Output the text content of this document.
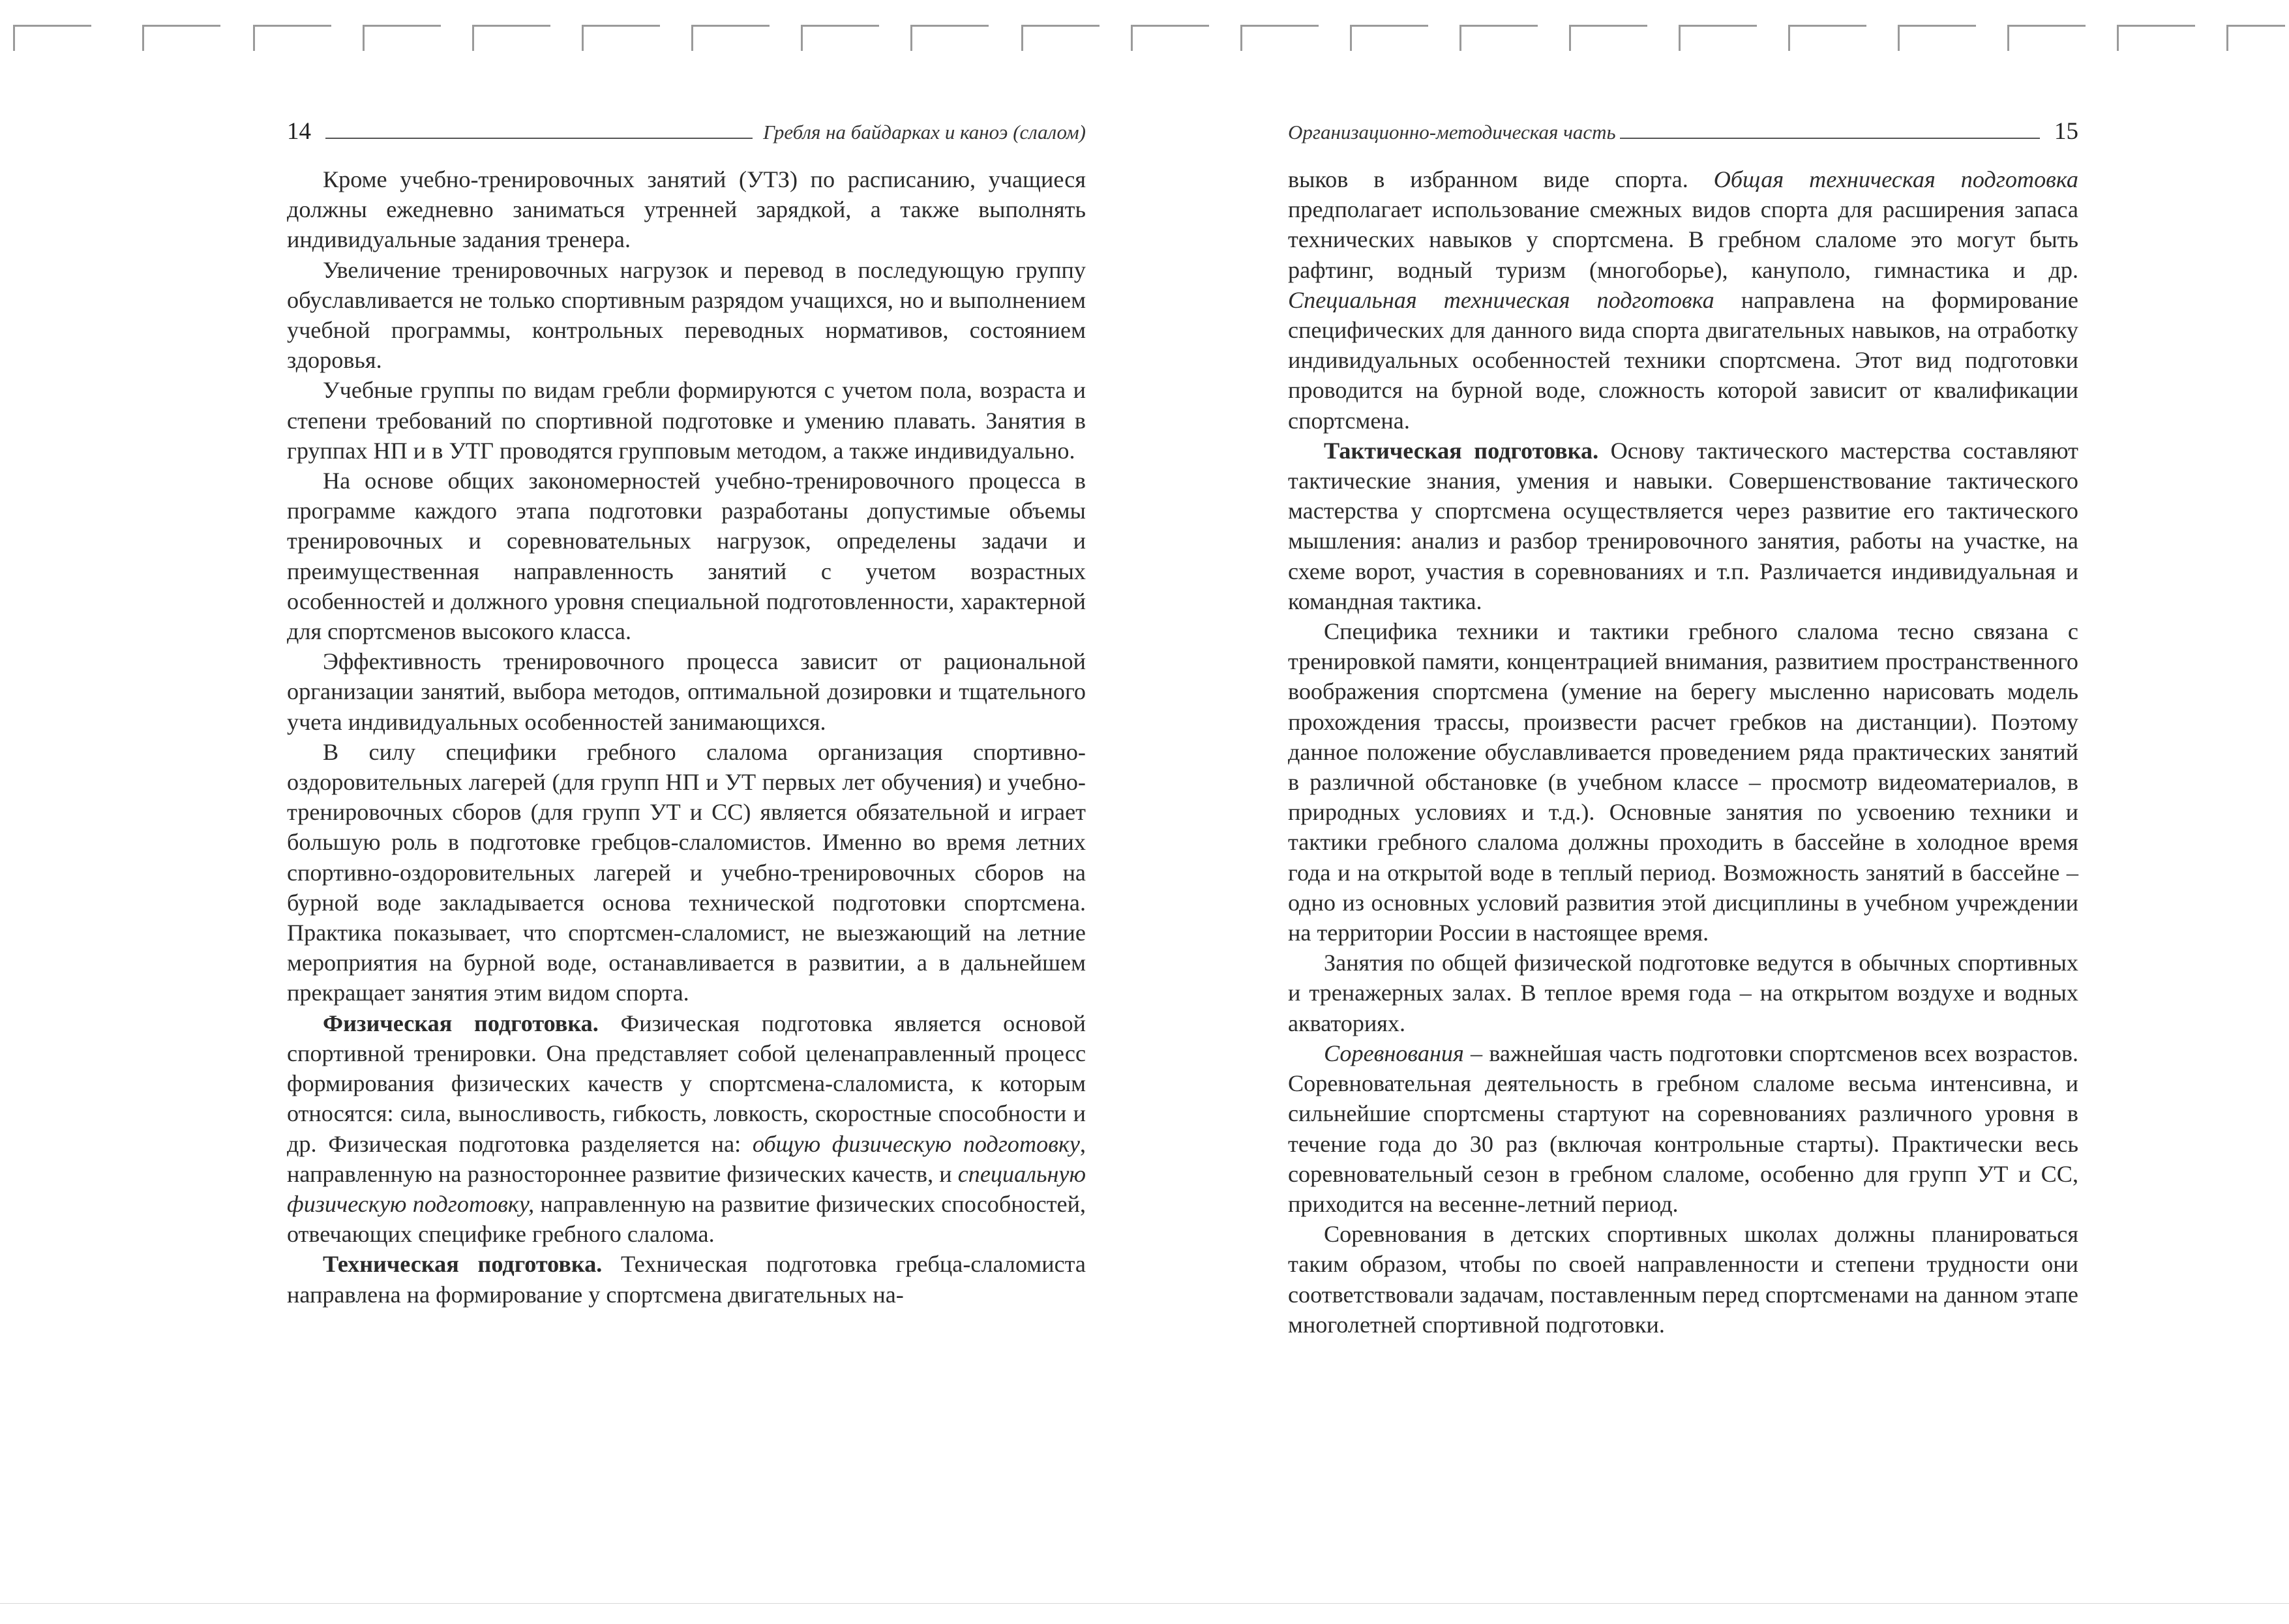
14	Гребля на байдарках и каноэ (слалом)

Кроме учебно-тренировочных занятий (УТЗ) по расписанию, учащиеся должны ежедневно заниматься утренней зарядкой, а также выполнять индивидуальные задания тренера.

Увеличение тренировочных нагрузок и перевод в последующую группу обуславливается не только спортивным разрядом учащихся, но и выполнением учебной программы, контрольных переводных нормативов, состоянием здоровья.

Учебные группы по видам гребли формируются с учетом пола, возраста и степени требований по спортивной подготовке и умению плавать. Занятия в группах НП и в УТГ проводятся групповым методом, а также индивидуально.

На основе общих закономерностей учебно-тренировочного процесса в программе каждого этапа подготовки разработаны допустимые объемы тренировочных и соревновательных нагрузок, определены задачи и преимущественная направленность занятий с учетом возрастных особенностей и должного уровня специальной подготовленности, характерной для спортсменов высокого класса.

Эффективность тренировочного процесса зависит от рациональной организации занятий, выбора методов, оптимальной дозировки и тщательного учета индивидуальных особенностей занимающихся.

В силу специфики гребного слалома организация спортивно-оздоровительных лагерей (для групп НП и УТ первых лет обучения) и учебно-тренировочных сборов (для групп УТ и СС) является обязательной и играет большую роль в подготовке гребцов-слаломистов. Именно во время летних спортивно-оздоровительных лагерей и учебно-тренировочных сборов на бурной воде закладывается основа технической подготовки спортсмена. Практика показывает, что спортсмен-слаломист, не выезжающий на летние мероприятия на бурной воде, останавливается в развитии, а в дальнейшем прекращает занятия этим видом спорта.

Физическая подготовка. Физическая подготовка является основой спортивной тренировки. Она представляет собой целенаправленный процесс формирования физических качеств у спортсмена-слаломиста, к которым относятся: сила, выносливость, гибкость, ловкость, скоростные способности и др. Физическая подготовка разделяется на: общую физическую подготовку, направленную на разностороннее развитие физических качеств, и специальную физическую подготовку, направленную на развитие физических способностей, отвечающих специфике гребного слалома.

Техническая подготовка. Техническая подготовка гребца-слаломиста направлена на формирование у спортсмена двигательных на-

Организационно-методическая часть	15

выков в избранном виде спорта. Общая техническая подготовка предполагает использование смежных видов спорта для расширения запаса технических навыков у спортсмена. В гребном слаломе это могут быть рафтинг, водный туризм (многоборье), кануполо, гимнастика и др. Специальная техническая подготовка направлена на формирование специфических для данного вида спорта двигательных навыков, на отработку индивидуальных особенностей техники спортсмена. Этот вид подготовки проводится на бурной воде, сложность которой зависит от квалификации спортсмена.

Тактическая подготовка. Основу тактического мастерства составляют тактические знания, умения и навыки. Совершенствование тактического мастерства у спортсмена осуществляется через развитие его тактического мышления: анализ и разбор тренировочного занятия, работы на участке, на схеме ворот, участия в соревнованиях и т.п. Различается индивидуальная и командная тактика.

Специфика техники и тактики гребного слалома тесно связана с тренировкой памяти, концентрацией внимания, развитием пространственного воображения спортсмена (умение на берегу мысленно нарисовать модель прохождения трассы, произвести расчет гребков на дистанции). Поэтому данное положение обуславливается проведением ряда практических занятий в различной обстановке (в учебном классе – просмотр видеоматериалов, в природных условиях и т.д.). Основные занятия по усвоению техники и тактики гребного слалома должны проходить в бассейне в холодное время года и на открытой воде в теплый период. Возможность занятий в бассейне – одно из основных условий развития этой дисциплины в учебном учреждении на территории России в настоящее время.

Занятия по общей физической подготовке ведутся в обычных спортивных и тренажерных залах. В теплое время года – на открытом воздухе и водных акваториях.

Соревнования – важнейшая часть подготовки спортсменов всех возрастов. Соревновательная деятельность в гребном слаломе весьма интенсивна, и сильнейшие спортсмены стартуют на соревнованиях различного уровня в течение года до 30 раз (включая контрольные старты). Практически весь соревновательный сезон в гребном слаломе, особенно для групп УТ и СС, приходится на весенне-летний период.

Соревнования в детских спортивных школах должны планироваться таким образом, чтобы по своей направленности и степени трудности они соответствовали задачам, поставленным перед спортсменами на данном этапе многолетней спортивной подготовки.
